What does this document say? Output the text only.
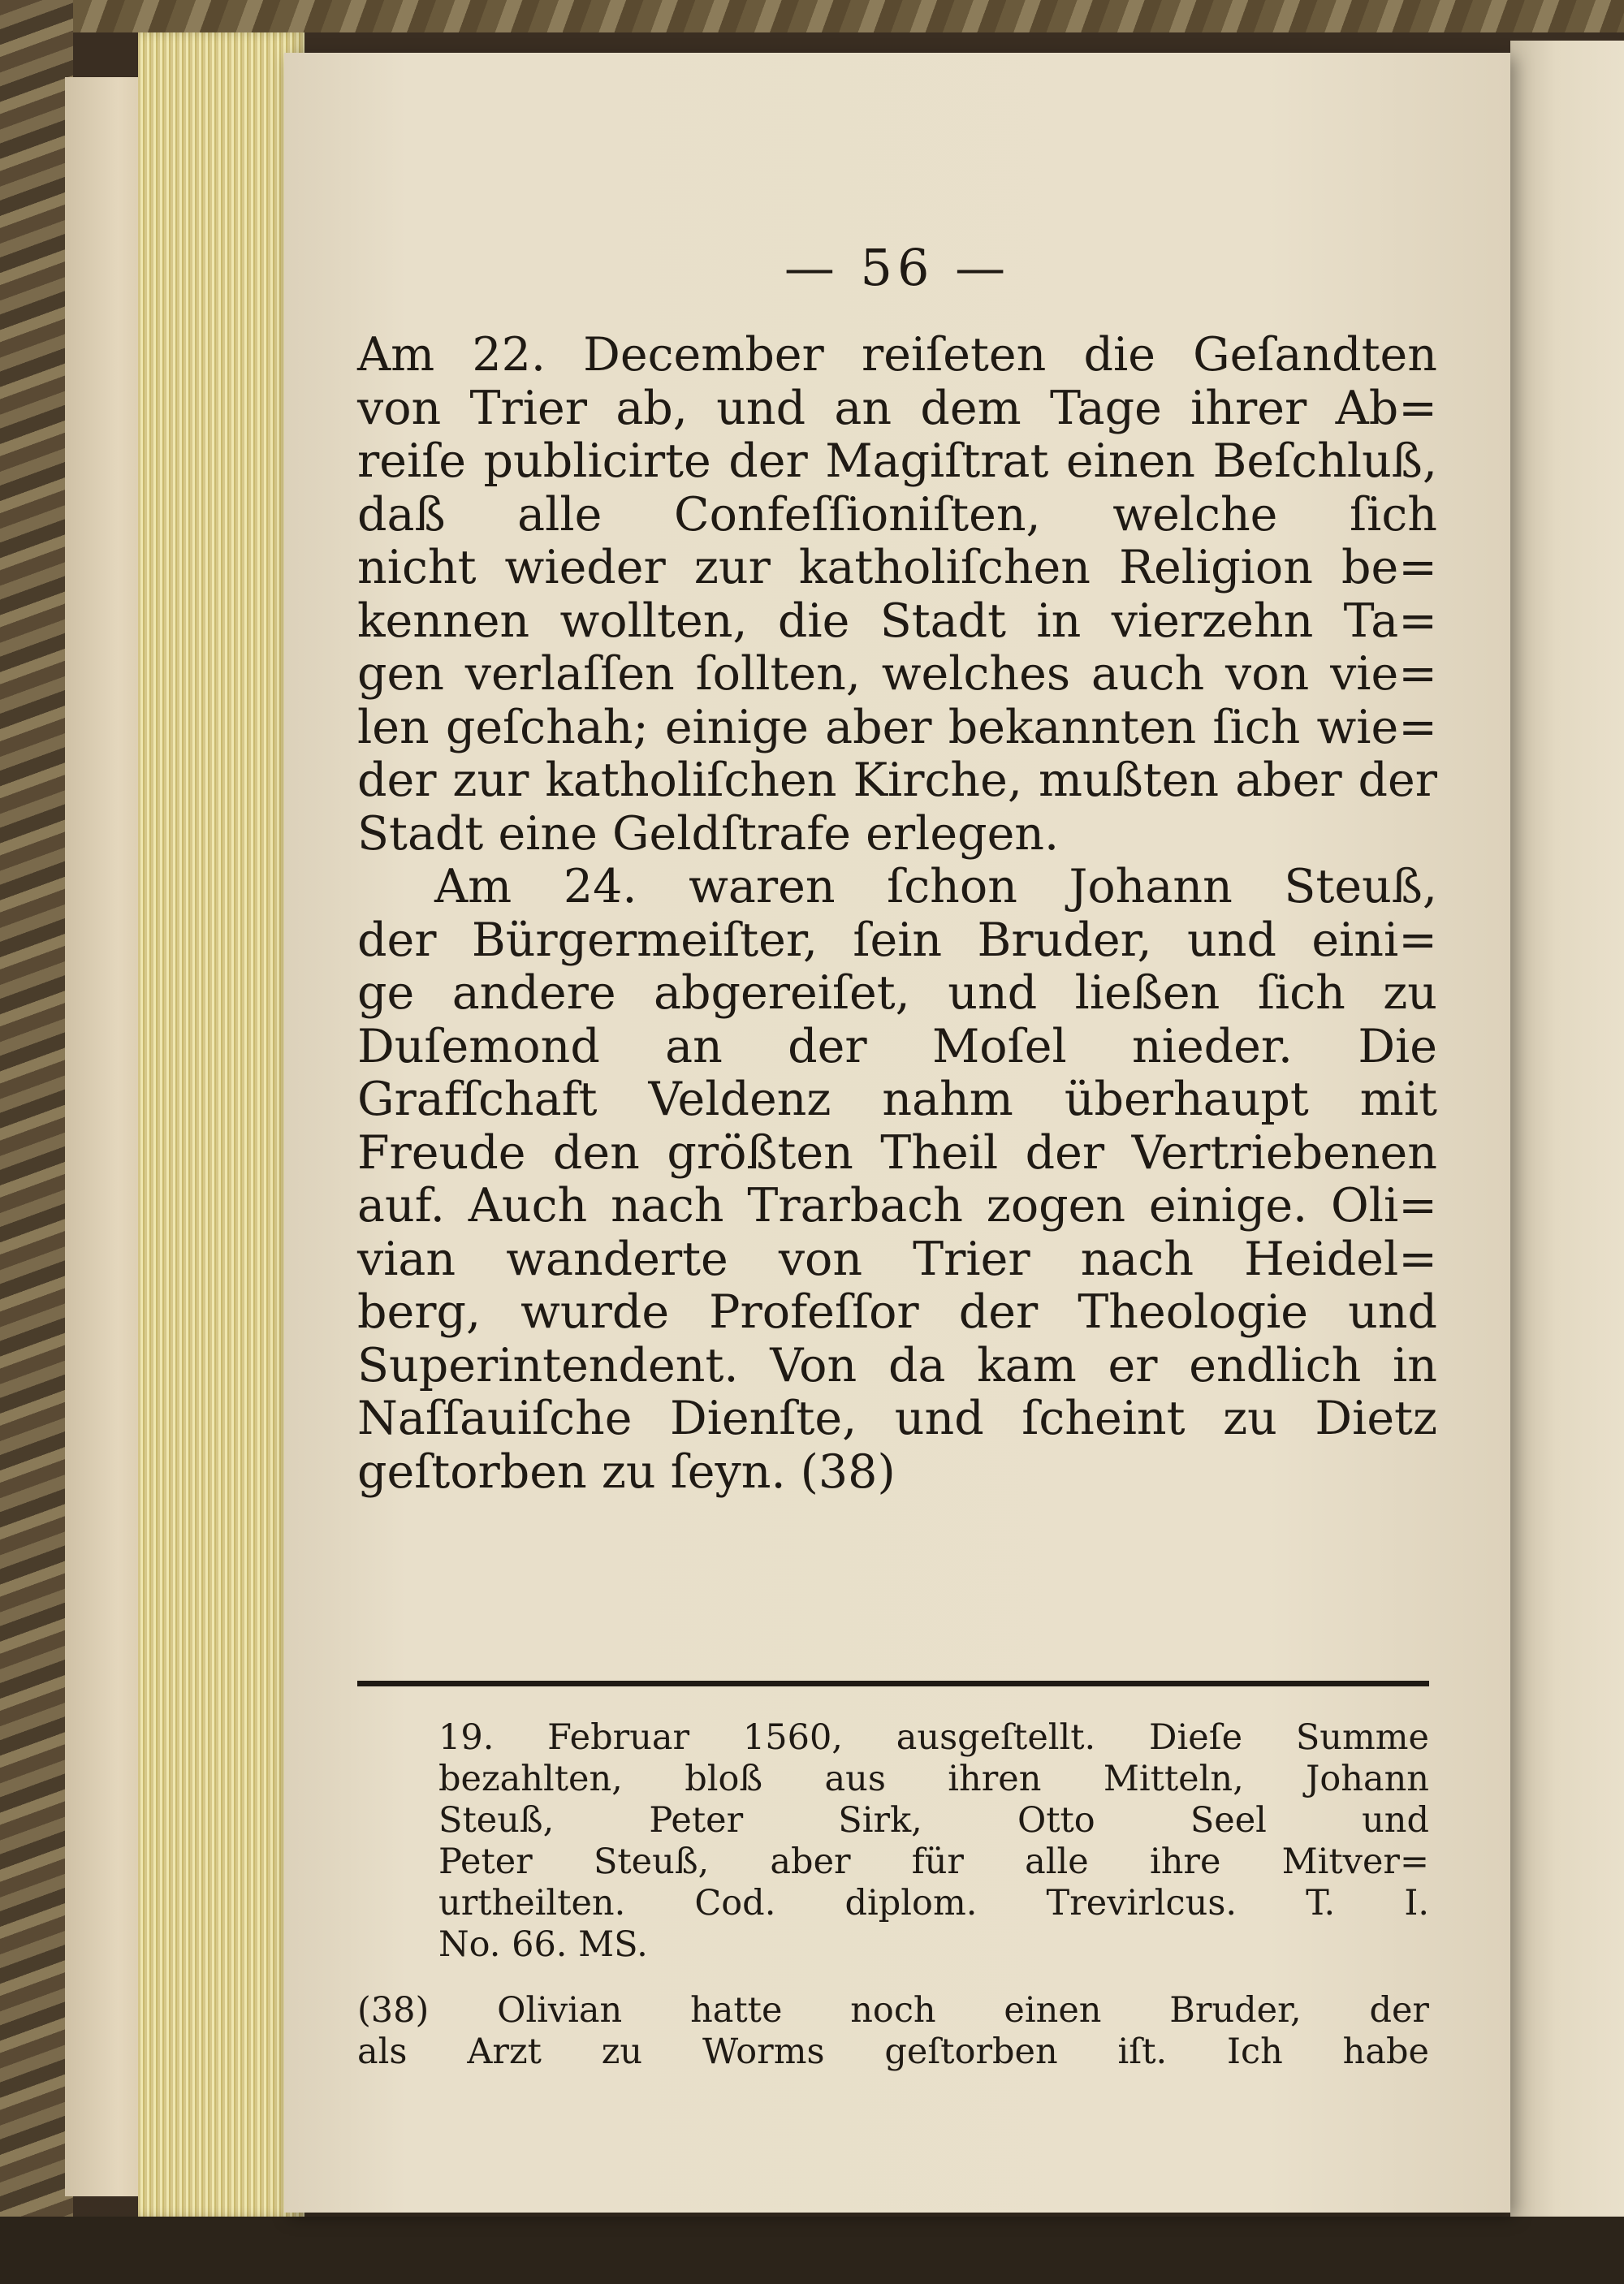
— 56 —

Am 22. December reiſeten die Geſandten
von Trier ab, und an dem Tage ihrer Ab=
reiſe publicirte der Magiſtrat einen Beſchluß,
daß alle Confeſſioniſten, welche ſich
nicht wieder zur katholiſchen Religion be=
kennen wollten, die Stadt in vierzehn Ta=
gen verlaſſen ſollten, welches auch von vie=
len geſchah; einige aber bekannten ſich wie=
der zur katholiſchen Kirche, mußten aber der
Stadt eine Geldſtrafe erlegen.

Am 24. waren ſchon Johann Steuß,
der Bürgermeiſter, ſein Bruder, und eini=
ge andere abgereiſet, und ließen ſich zu
Duſemond an der Moſel nieder. Die
Grafſchaft Veldenz nahm überhaupt mit
Freude den größten Theil der Vertriebenen
auf. Auch nach Trarbach zogen einige. Oli=
vian wanderte von Trier nach Heidel=
berg, wurde Profeſſor der Theologie und
Superintendent. Von da kam er endlich in
Naſſauiſche Dienſte, und ſcheint zu Dietz
geſtorben zu ſeyn. (38)

19. Februar 1560, ausgeſtellt. Dieſe Summe
bezahlten, bloß aus ihren Mitteln, Johann
Steuß, Peter Sirk, Otto Seel und
Peter Steuß, aber für alle ihre Mitver=
urtheilten. Cod. diplom. Trevirlcus. T. I.
No. 66. MS.
(38) Olivian hatte noch einen Bruder, der
als Arzt zu Worms geſtorben iſt. Ich habe
